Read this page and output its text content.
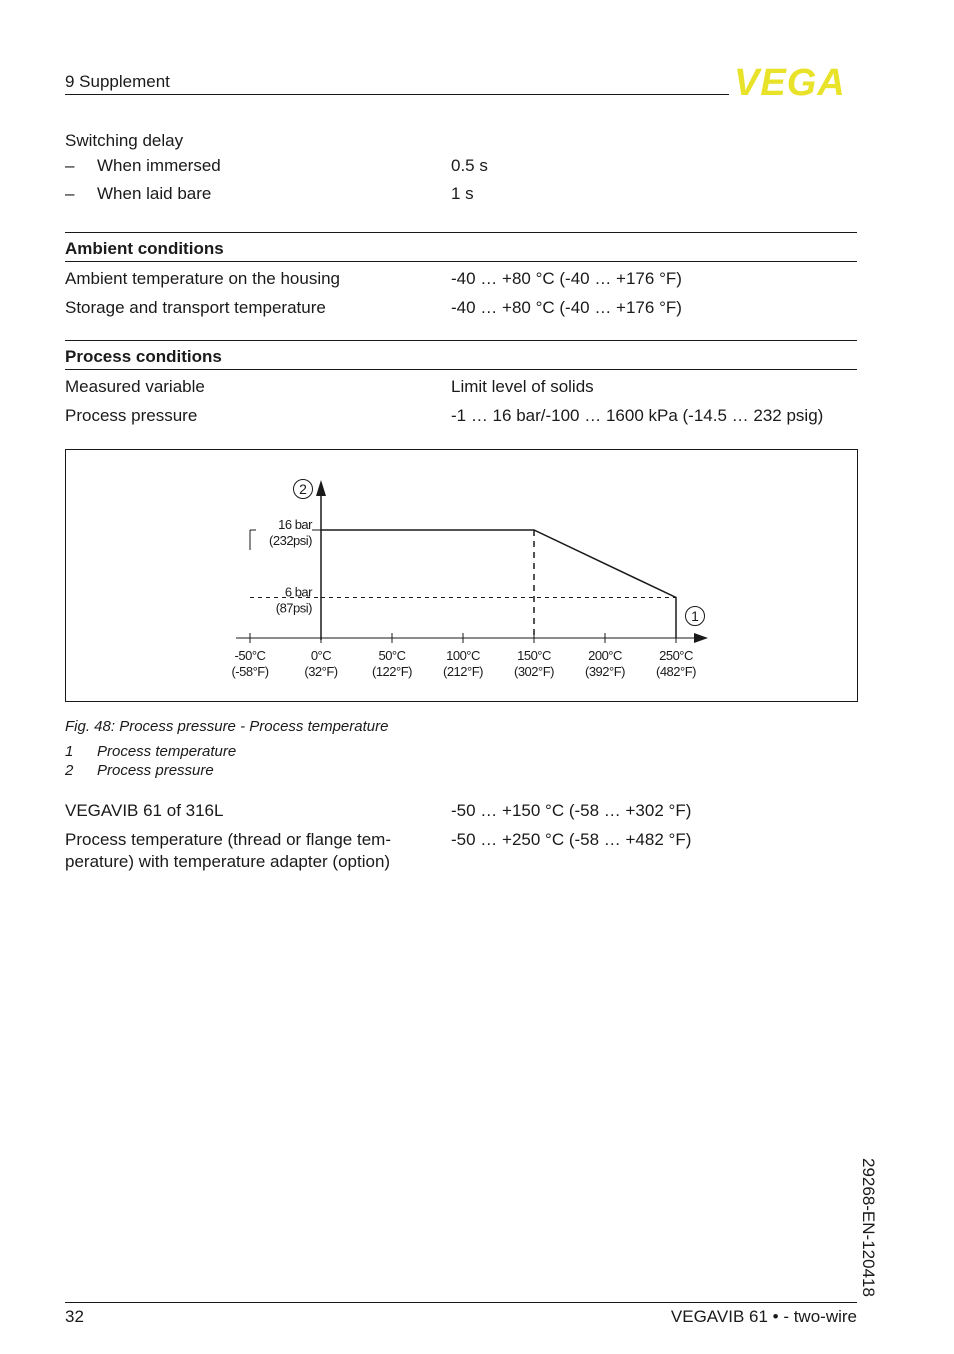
9 Supplement	VEGA
Switching delay
– When immersed	0.5 s
– When laid bare	1 s
Ambient conditions
Ambient temperature on the housing	-40 … +80 °C (-40 … +176 °F)
Storage and transport temperature	-40 … +80 °C (-40 … +176 °F)
Process conditions
Measured variable	Limit level of solids
Process pressure	-1 … 16 bar/-100 … 1600 kPa (-14.5 … 232 psig)
-50°C
(-58°F)
0°C
(32°F)
50°C
(122°F)
100°C
(212°F)
150°C
(302°F)
200°C
(392°F)
250°C
(482°F)
16 bar
(232psi)
6 bar
(87psi)
2
1
Fig. 48: Process pressure - Process temperature
1 Process temperature
2 Process pressure
VEGAVIB 61 of 316L	-50 … +150 °C (-58 … +302 °F)
Process temperature (thread or flange tem-
perature) with temperature adapter (option)
-50 … +250 °C (-58 … +482 °F)
29268-EN-120418
32	VEGAVIB 61 • - two-wire
